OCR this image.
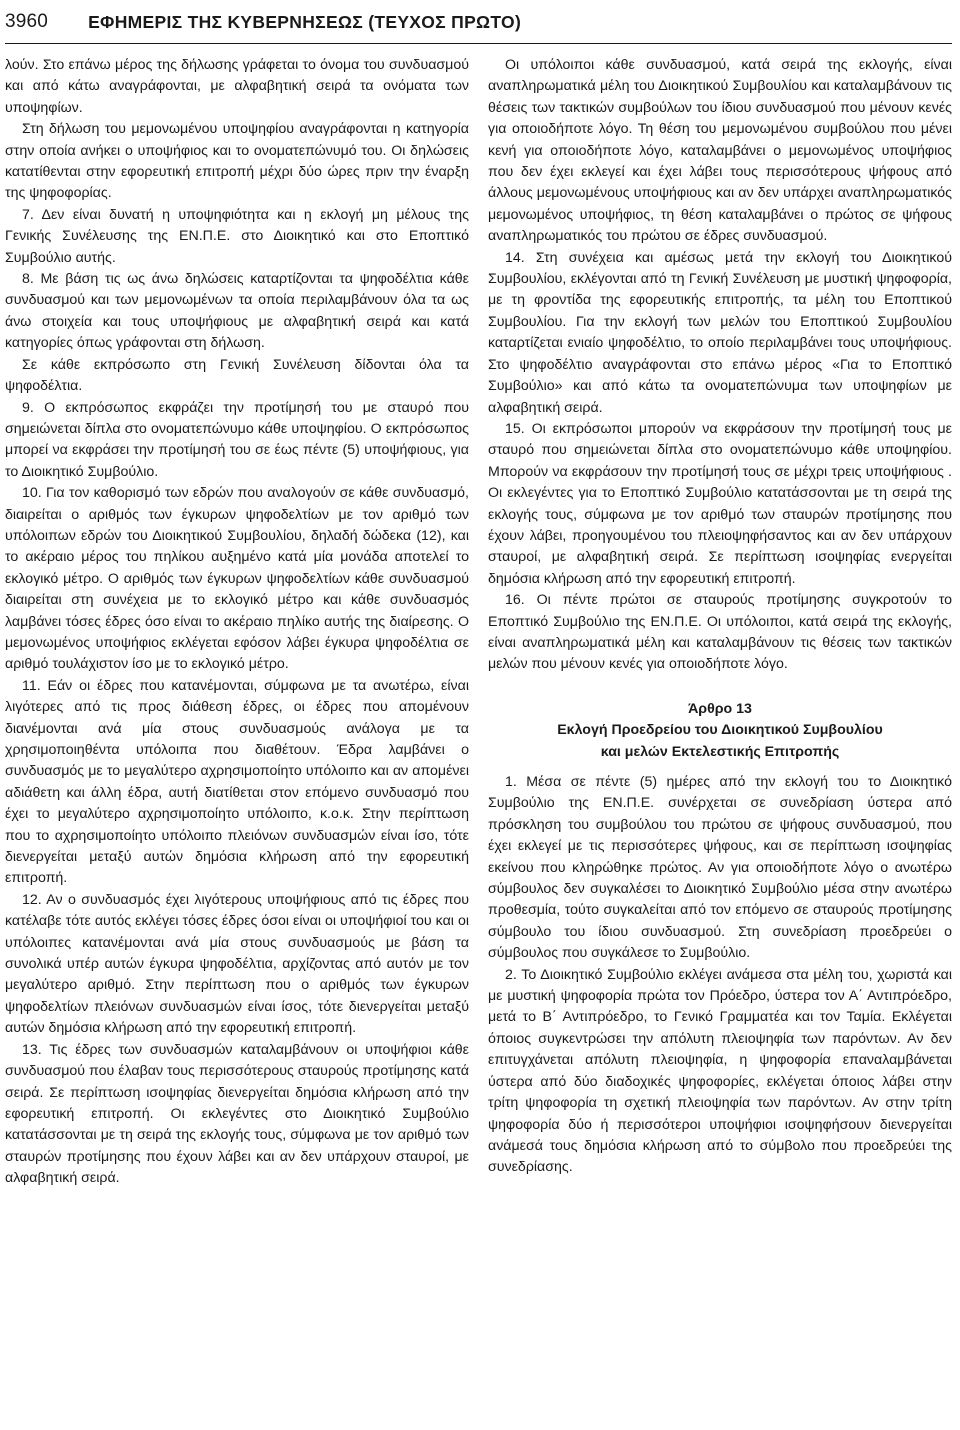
3960 ΕΦΗΜΕΡΙΣ ΤΗΣ ΚΥΒΕΡΝΗΣΕΩΣ (ΤΕΥΧΟΣ ΠΡΩΤΟ)

λούν. Στο επάνω μέρος της δήλωσης γράφεται το όνομα του συνδυασμού και από κάτω αναγράφονται, με αλφαβητική σειρά τα ονόματα των υποψηφίων.

Στη δήλωση του μεμονωμένου υποψηφίου αναγράφονται η κατηγορία στην οποία ανήκει ο υποψήφιος και το ονοματεπώνυμό του. Οι δηλώσεις κατατίθενται στην εφορευτική επιτροπή μέχρι δύο ώρες πριν την έναρξη της ψηφοφορίας.

7. Δεν είναι δυνατή η υποψηφιότητα και η εκλογή μη μέλους της Γενικής Συνέλευσης της ΕΝ.Π.Ε. στο Διοικητικό και στο Εποπτικό Συμβούλιο αυτής.

8. Με βάση τις ως άνω δηλώσεις καταρτίζονται τα ψηφοδέλτια κάθε συνδυασμού και των μεμονωμένων τα οποία περιλαμβάνουν όλα τα ως άνω στοιχεία και τους υποψήφιους με αλφαβητική σειρά και κατά κατηγορίες όπως γράφονται στη δήλωση.

Σε κάθε εκπρόσωπο στη Γενική Συνέλευση δίδονται όλα τα ψηφοδέλτια.

9. Ο εκπρόσωπος εκφράζει την προτίμησή του με σταυρό που σημειώνεται δίπλα στο ονοματεπώνυμο κάθε υποψηφίου. Ο εκπρόσωπος μπορεί να εκφράσει την προτίμησή του σε έως πέντε (5) υποψήφιους, για το Διοικητικό Συμβούλιο.

10. Για τον καθορισμό των εδρών που αναλογούν σε κάθε συνδυασμό, διαιρείται ο αριθμός των έγκυρων ψηφοδελτίων με τον αριθμό των υπόλοιπων εδρών του Διοικητικού Συμβουλίου, δηλαδή δώδεκα (12), και το ακέραιο μέρος του πηλίκου αυξημένο κατά μία μονάδα αποτελεί το εκλογικό μέτρο. Ο αριθμός των έγκυρων ψηφοδελτίων κάθε συνδυασμού διαιρείται στη συνέχεια με το εκλογικό μέτρο και κάθε συνδυασμός λαμβάνει τόσες έδρες όσο είναι το ακέραιο πηλίκο αυτής της διαίρεσης. Ο μεμονωμένος υποψήφιος εκλέγεται εφόσον λάβει έγκυρα ψηφοδέλτια σε αριθμό τουλάχιστον ίσο με το εκλογικό μέτρο.

11. Εάν οι έδρες που κατανέμονται, σύμφωνα με τα ανωτέρω, είναι λιγότερες από τις προς διάθεση έδρες, οι έδρες που απομένουν διανέμονται ανά μία στους συνδυασμούς ανάλογα με τα χρησιμοποιηθέντα υπόλοιπα που διαθέτουν. Έδρα λαμβάνει ο συνδυασμός με το μεγαλύτερο αχρησιμοποίητο υπόλοιπο και αν απομένει αδιάθετη και άλλη έδρα, αυτή διατίθεται στον επόμενο συνδυασμό που έχει το μεγαλύτερο αχρησιμοποίητο υπόλοιπο, κ.ο.κ. Στην περίπτωση που το αχρησιμοποίητο υπόλοιπο πλειόνων συνδυασμών είναι ίσο, τότε διενεργείται μεταξύ αυτών δημόσια κλήρωση από την εφορευτική επιτροπή.

12. Αν ο συνδυασμός έχει λιγότερους υποψήφιους από τις έδρες που κατέλαβε τότε αυτός εκλέγει τόσες έδρες όσοι είναι οι υποψήφιοί του και οι υπόλοιπες κατανέμονται ανά μία στους συνδυασμούς με βάση τα συνολικά υπέρ αυτών έγκυρα ψηφοδέλτια, αρχίζοντας από αυτόν με τον μεγαλύτερο αριθμό. Στην περίπτωση που ο αριθμός των έγκυρων ψηφοδελτίων πλειόνων συνδυασμών είναι ίσος, τότε διενεργείται μεταξύ αυτών δημόσια κλήρωση από την εφορευτική επιτροπή.

13. Τις έδρες των συνδυασμών καταλαμβάνουν οι υποψήφιοι κάθε συνδυασμού που έλαβαν τους περισσότερους σταυρούς προτίμησης κατά σειρά. Σε περίπτωση ισοψηφίας διενεργείται δημόσια κλήρωση από την εφορευτική επιτροπή. Οι εκλεγέντες στο Διοικητικό Συμβούλιο κατατάσσονται με τη σειρά της εκλογής τους, σύμφωνα με τον αριθμό των σταυρών προτίμησης που έχουν λάβει και αν δεν υπάρχουν σταυροί, με αλφαβητική σειρά.

Οι υπόλοιποι κάθε συνδυασμού, κατά σειρά της εκλογής, είναι αναπληρωματικά μέλη του Διοικητικού Συμβουλίου και καταλαμβάνουν τις θέσεις των τακτικών συμβούλων του ίδιου συνδυασμού που μένουν κενές για οποιοδήποτε λόγο. Τη θέση του μεμονωμένου συμβούλου που μένει κενή για οποιοδήποτε λόγο, καταλαμβάνει ο μεμονωμένος υποψήφιος που δεν έχει εκλεγεί και έχει λάβει τους περισσότερους ψήφους από άλλους μεμονωμένους υποψήφιους και αν δεν υπάρχει αναπληρωματικός μεμονωμένος υποψήφιος, τη θέση καταλαμβάνει ο πρώτος σε ψήφους αναπληρωματικός του πρώτου σε έδρες συνδυασμού.

14. Στη συνέχεια και αμέσως μετά την εκλογή του Διοικητικού Συμβουλίου, εκλέγονται από τη Γενική Συνέλευση με μυστική ψηφοφορία, με τη φροντίδα της εφορευτικής επιτροπής, τα μέλη του Εποπτικού Συμβουλίου. Για την εκλογή των μελών του Εποπτικού Συμβουλίου καταρτίζεται ενιαίο ψηφοδέλτιο, το οποίο περιλαμβάνει τους υποψήφιους. Στο ψηφοδέλτιο αναγράφονται στο επάνω μέρος «Για το Εποπτικό Συμβούλιο» και από κάτω τα ονοματεπώνυμα των υποψηφίων με αλφαβητική σειρά.

15. Οι εκπρόσωποι μπορούν να εκφράσουν την προτίμησή τους με σταυρό που σημειώνεται δίπλα στο ονοματεπώνυμο κάθε υποψηφίου. Μπορούν να εκφράσουν την προτίμησή τους σε μέχρι τρεις υποψήφιους . Οι εκλεγέντες για το Εποπτικό Συμβούλιο κατατάσσονται με τη σειρά της εκλογής τους, σύμφωνα με τον αριθμό των σταυρών προτίμησης που έχουν λάβει, προηγουμένου του πλειοψηφήσαντος και αν δεν υπάρχουν σταυροί, με αλφαβητική σειρά. Σε περίπτωση ισοψηφίας ενεργείται δημόσια κλήρωση από την εφορευτική επιτροπή.

16. Οι πέντε πρώτοι σε σταυρούς προτίμησης συγκροτούν το Εποπτικό Συμβούλιο της ΕΝ.Π.Ε. Οι υπόλοιποι, κατά σειρά της εκλογής, είναι αναπληρωματικά μέλη και καταλαμβάνουν τις θέσεις των τακτικών μελών που μένουν κενές για οποιοδήποτε λόγο.

Άρθρο 13

Εκλογή Προεδρείου του Διοικητικού Συμβουλίου
και μελών Εκτελεστικής Επιτροπής

1. Μέσα σε πέντε (5) ημέρες από την εκλογή του το Διοικητικό Συμβούλιο της ΕΝ.Π.Ε. συνέρχεται σε συνεδρίαση ύστερα από πρόσκληση του συμβούλου του πρώτου σε ψήφους συνδυασμού, που έχει εκλεγεί με τις περισσότερες ψήφους, και σε περίπτωση ισοψηφίας εκείνου που κληρώθηκε πρώτος. Αν για οποιοδήποτε λόγο ο ανωτέρω σύμβουλος δεν συγκαλέσει το Διοικητικό Συμβούλιο μέσα στην ανωτέρω προθεσμία, τούτο συγκαλείται από τον επόμενο σε σταυρούς προτίμησης σύμβουλο του ίδιου συνδυασμού. Στη συνεδρίαση προεδρεύει ο σύμβουλος που συγκάλεσε το Συμβούλιο.

2. Το Διοικητικό Συμβούλιο εκλέγει ανάμεσα στα μέλη του, χωριστά και με μυστική ψηφοφορία πρώτα τον Πρόεδρο, ύστερα τον Α΄ Αντιπρόεδρο, μετά το Β΄ Αντιπρόεδρο, το Γενικό Γραμματέα και τον Ταμία. Εκλέγεται όποιος συγκεντρώσει την απόλυτη πλειοψηφία των παρόντων. Αν δεν επιτυγχάνεται απόλυτη πλειοψηφία, η ψηφοφορία επαναλαμβάνεται ύστερα από δύο διαδοχικές ψηφοφορίες, εκλέγεται όποιος λάβει στην τρίτη ψηφοφορία τη σχετική πλειοψηφία των παρόντων. Αν στην τρίτη ψηφοφορία δύο ή περισσότεροι υποψήφιοι ισοψηφήσουν διενεργείται ανάμεσά τους δημόσια κλήρωση από το σύμβολο που προεδρεύει της συνεδρίασης.
